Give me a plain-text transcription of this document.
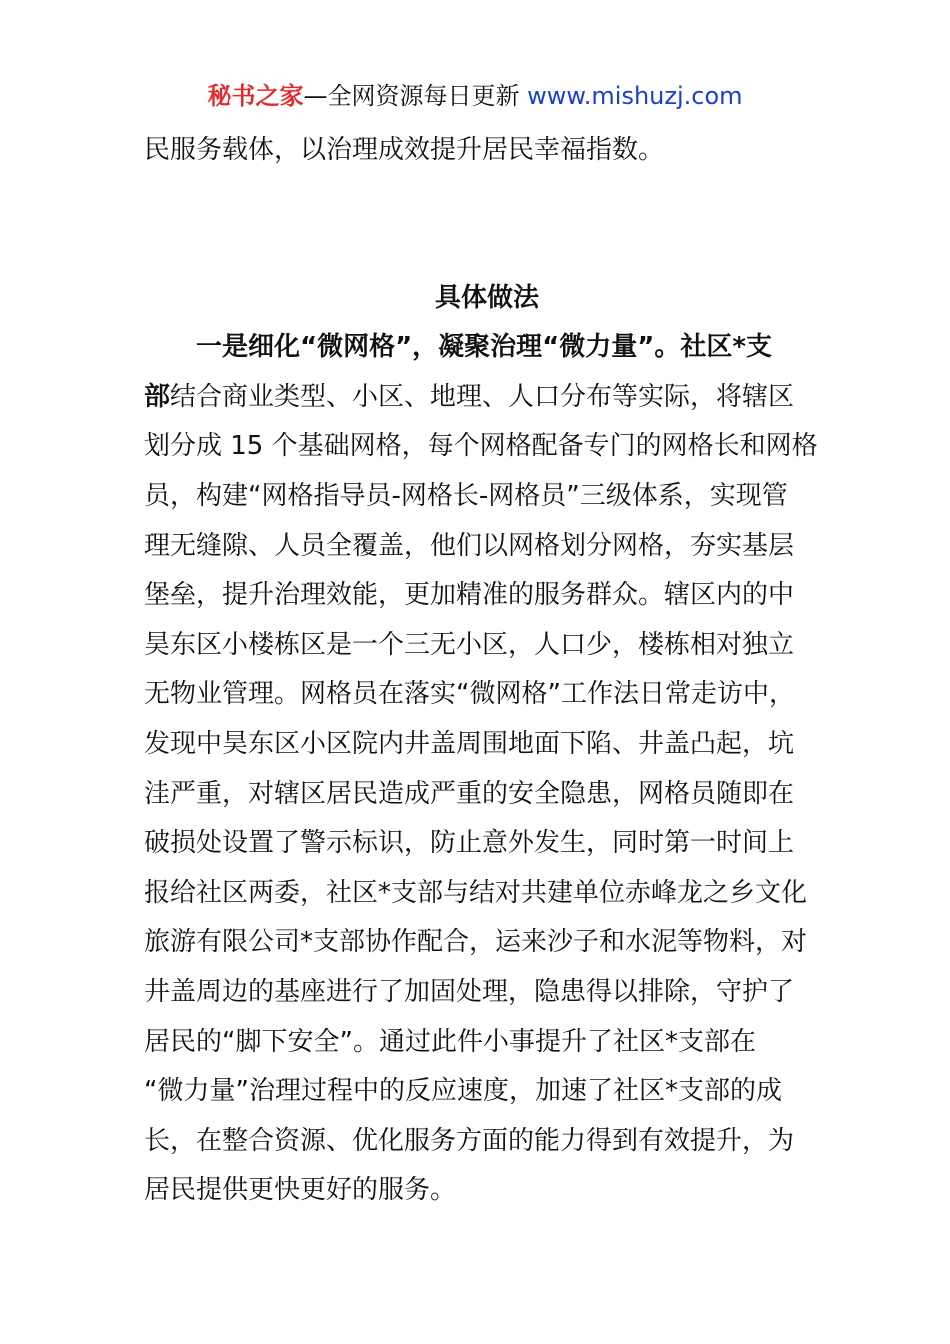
秘书之家—全网资源每日更新 www.mishuzj.com
民服务载体，以治理成效提升居民幸福指数。
具体做法
一是细化“微网格”，凝聚治理“微力量”。社区*支
部结合商业类型、小区、地理、人口分布等实际，将辖区
划分成 15 个基础网格，每个网格配备专门的网格长和网格
员，构建“网格指导员-网格长-网格员”三级体系，实现管
理无缝隙、人员全覆盖，他们以网格划分网格，夯实基层
堡垒，提升治理效能，更加精准的服务群众。辖区内的中
昊东区小楼栋区是一个三无小区，人口少，楼栋相对独立
无物业管理。网格员在落实“微网格”工作法日常走访中，
发现中昊东区小区院内井盖周围地面下陷、井盖凸起，坑
洼严重，对辖区居民造成严重的安全隐患，网格员随即在
破损处设置了警示标识，防止意外发生，同时第一时间上
报给社区两委，社区*支部与结对共建单位赤峰龙之乡文化
旅游有限公司*支部协作配合，运来沙子和水泥等物料，对
井盖周边的基座进行了加固处理，隐患得以排除，守护了
居民的“脚下安全”。通过此件小事提升了社区*支部在
“微力量”治理过程中的反应速度，加速了社区*支部的成
长，在整合资源、优化服务方面的能力得到有效提升，为
居民提供更快更好的服务。
